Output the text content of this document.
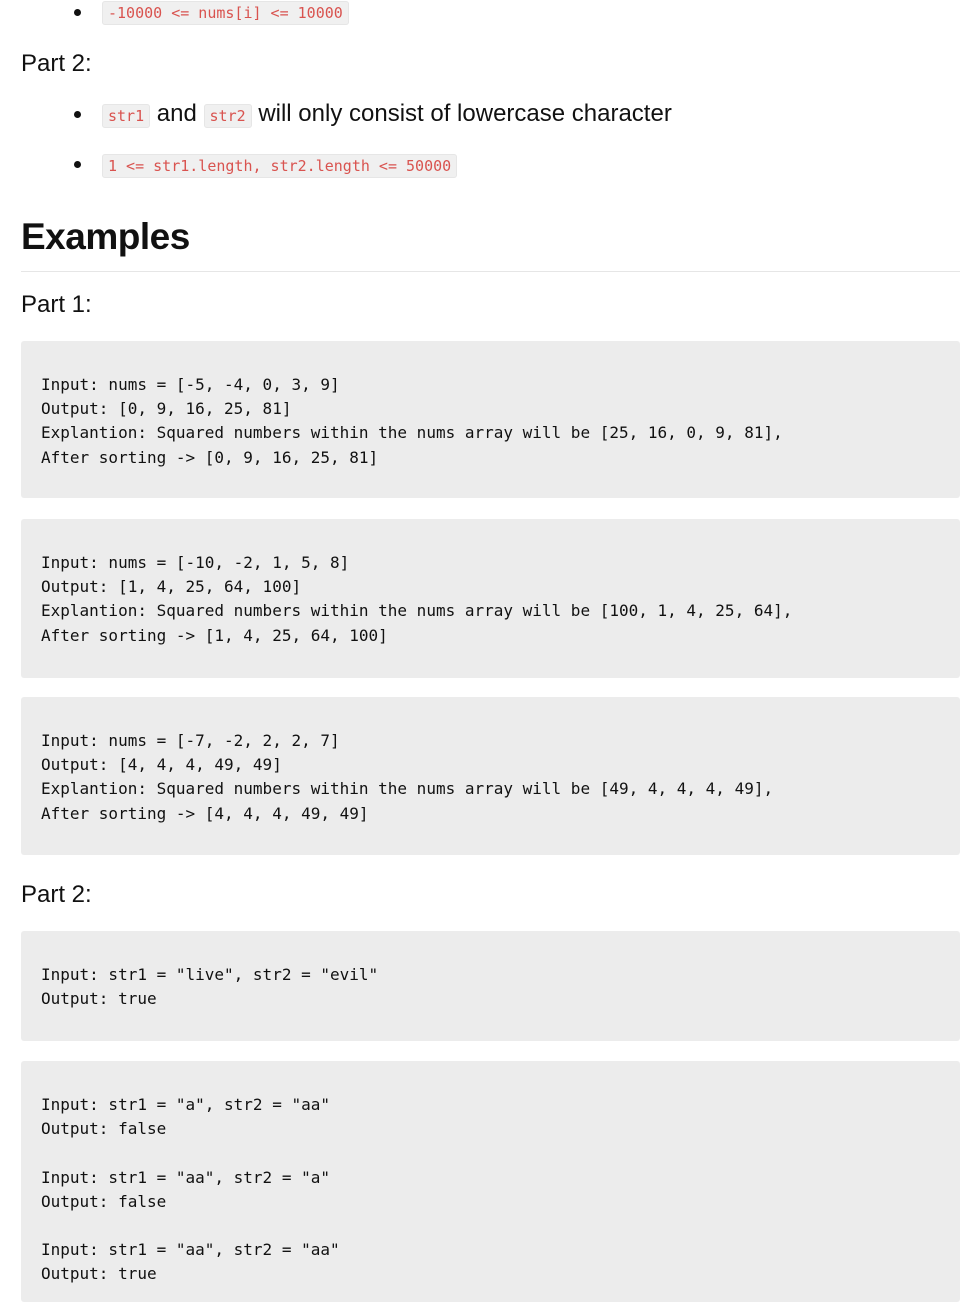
-10000 <= nums[i] <= 10000
Part 2:
str1 and str2 will only consist of lowercase character
1 <= str1.length, str2.length <= 50000
Examples
Part 1:
Input: nums = [-5, -4, 0, 3, 9]
Output: [0, 9, 16, 25, 81]
Explantion: Squared numbers within the nums array will be [25, 16, 0, 9, 81],
After sorting -> [0, 9, 16, 25, 81]
Input: nums = [-10, -2, 1, 5, 8]
Output: [1, 4, 25, 64, 100]
Explantion: Squared numbers within the nums array will be [100, 1, 4, 25, 64],
After sorting -> [1, 4, 25, 64, 100]
Input: nums = [-7, -2, 2, 2, 7]
Output: [4, 4, 4, 49, 49]
Explantion: Squared numbers within the nums array will be [49, 4, 4, 4, 49],
After sorting -> [4, 4, 4, 49, 49]
Part 2:
Input: str1 = "live", str2 = "evil"
Output: true
Input: str1 = "a", str2 = "aa"
Output: false

Input: str1 = "aa", str2 = "a"
Output: false

Input: str1 = "aa", str2 = "aa"
Output: true
